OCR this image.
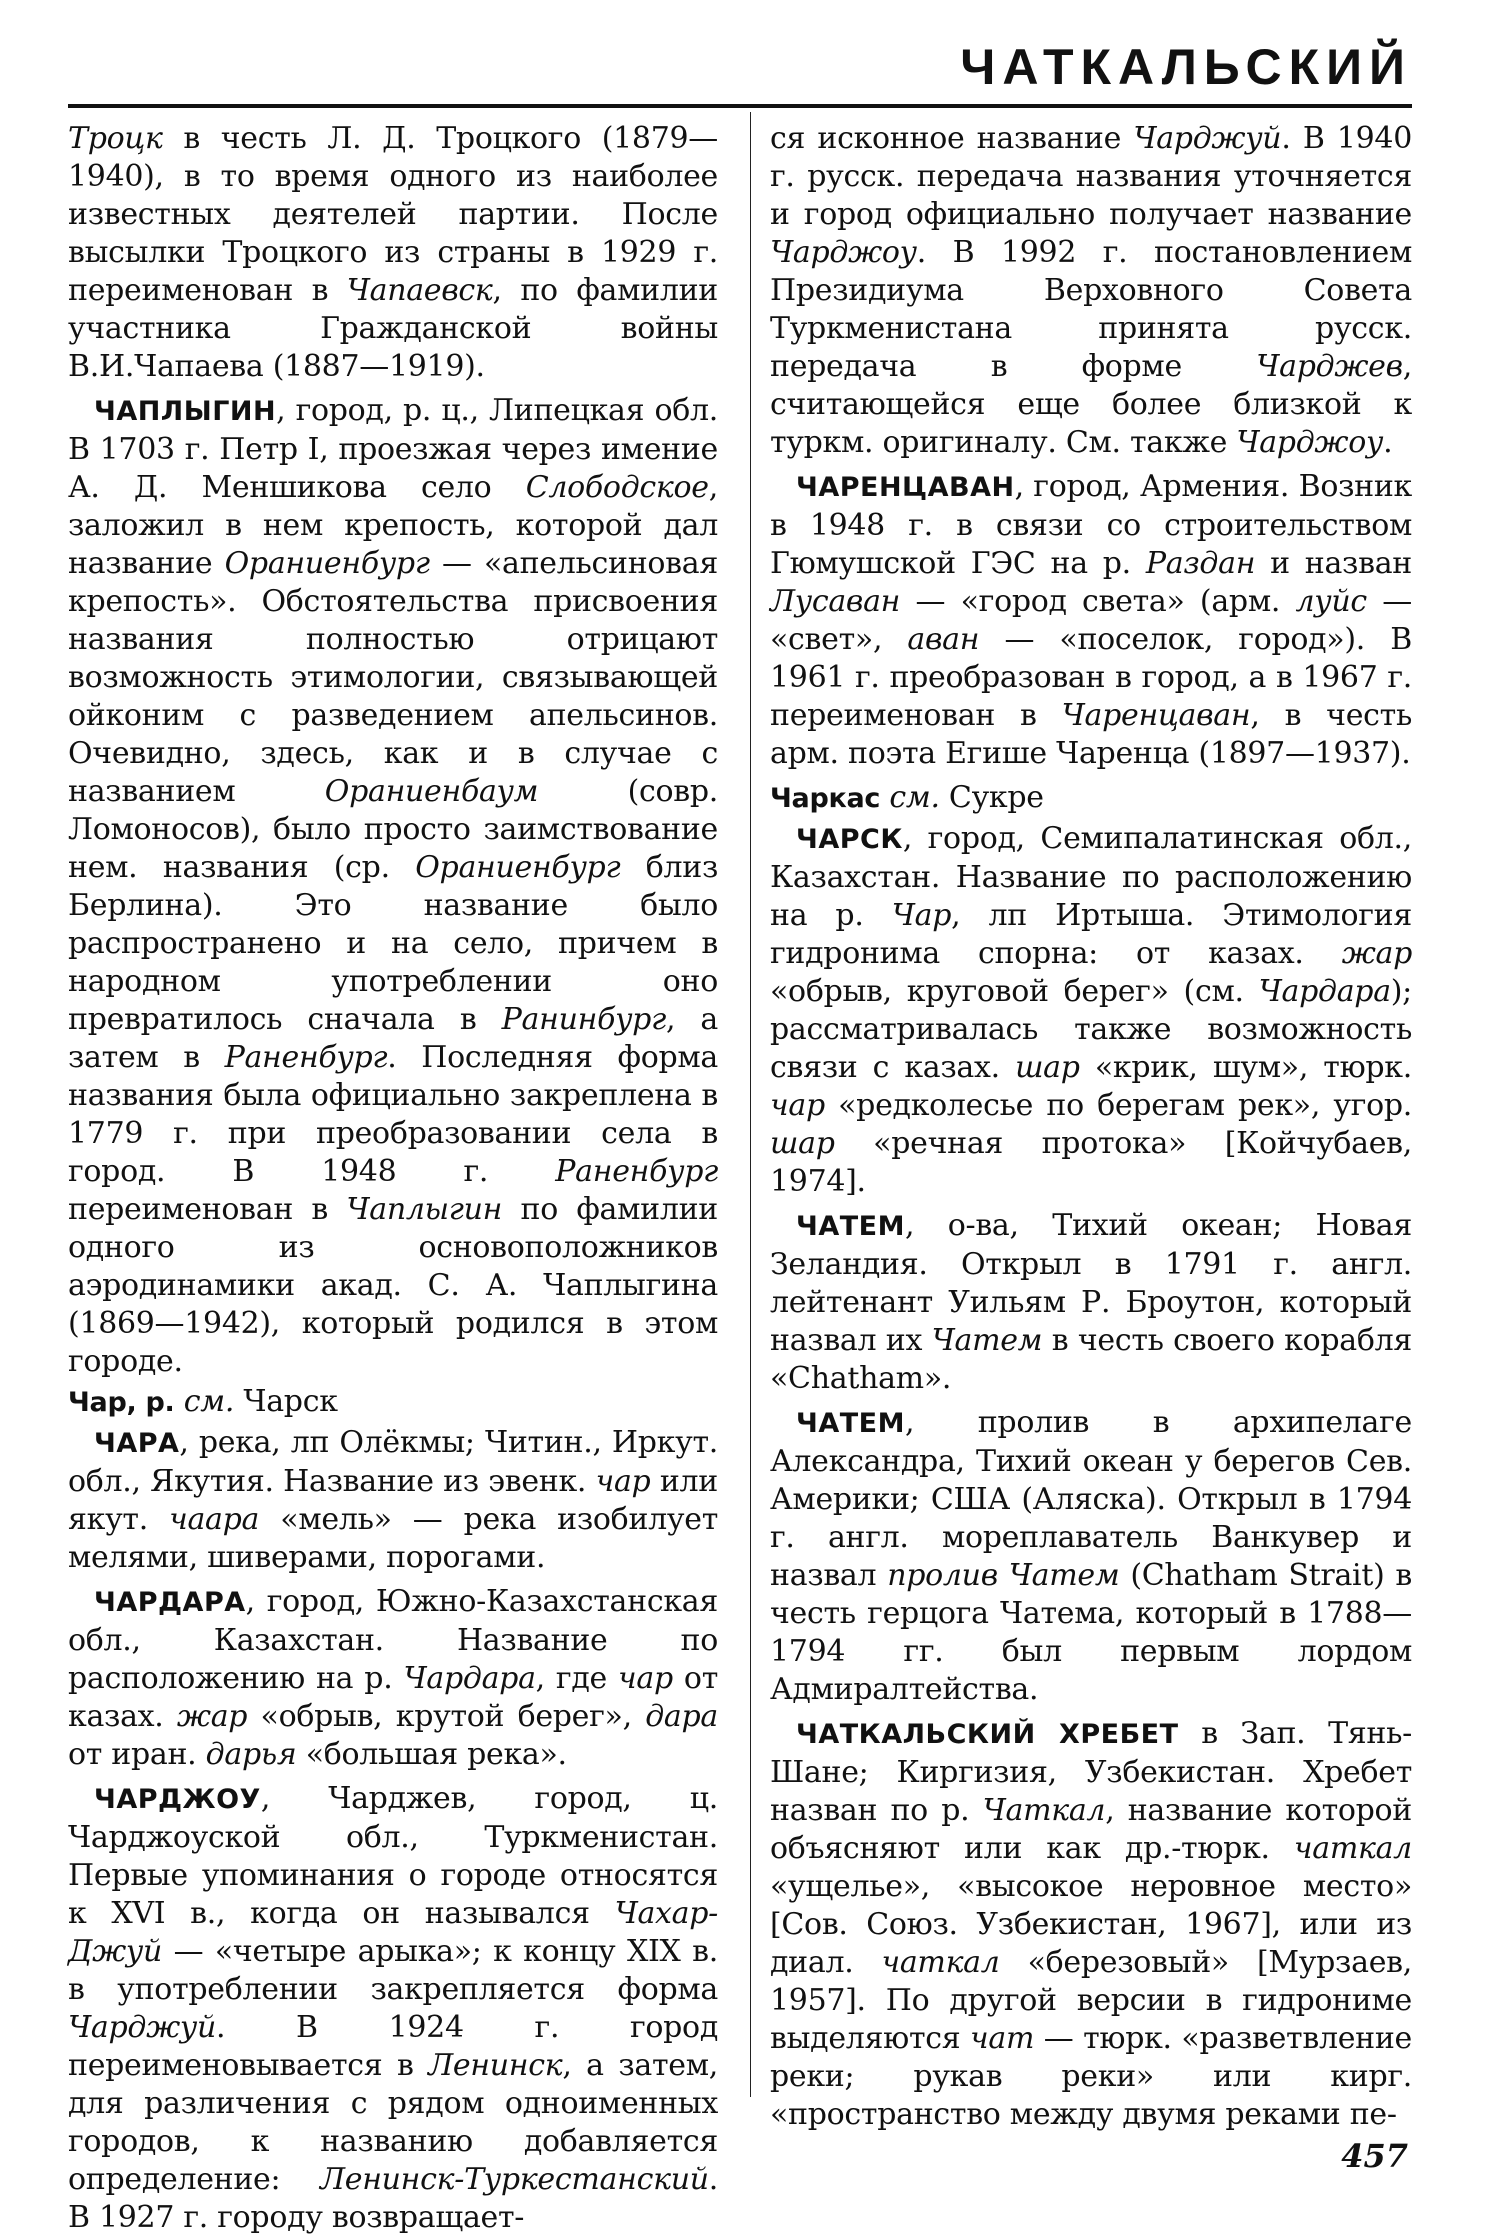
ЧАТКАЛЬСКИЙ

Троцк в честь Л. Д. Троцкого (1879—1940), в то время одного из наиболее известных деятелей партии. После высылки Троцкого из страны в 1929 г. переименован в Чапаевск, по фамилии участника Гражданской войны В.И.Чапаева (1887—1919).

ЧАПЛЫГИН, город, р. ц., Липецкая обл. В 1703 г. Петр I, проезжая через имение А. Д. Меншикова село Слободское, заложил в нем крепость, которой дал название Ораниенбург — «апельсиновая крепость». Обстоятельства присвоения названия полностью отрицают возможность этимологии, связывающей ойконим с разведением апельсинов. Очевидно, здесь, как и в случае с названием Ораниенбаум (совр. Ломоносов), было просто заимствование нем. названия (ср. Ораниенбург близ Берлина). Это название было распространено и на село, причем в народном употреблении оно превратилось сначала в Ранинбург, а затем в Раненбург. Последняя форма названия была официально закреплена в 1779 г. при преобразовании села в город. В 1948 г. Раненбург переименован в Чаплыгин по фамилии одного из основоположников аэродинамики акад. С. А. Чаплыгина (1869—1942), который родился в этом городе.

Чар, р. см. Чарск

ЧАРА, река, лп Олёкмы; Читин., Иркут. обл., Якутия. Название из эвенк. чар или якут. чаара «мель» — река изобилует мелями, шиверами, порогами.

ЧАРДАРА, город, Южно-Казахстанская обл., Казахстан. Название по расположению на р. Чардара, где чар от казах. жар «обрыв, крутой берег», дара от иран. дарья «большая река».

ЧАРДЖОУ, Чарджев, город, ц. Чарджоуской обл., Туркменистан. Первые упоминания о городе относятся к XVI в., когда он назывался Чахар-Джуй — «четыре арыка»; к концу XIX в. в употреблении закрепляется форма Чарджуй. В 1924 г. город переименовывается в Ленинск, а затем, для различения с рядом одноименных городов, к названию добавляется определение: Ленинск-Туркестанский. В 1927 г. городу возвращает-

ся исконное название Чарджуй. В 1940 г. русск. передача названия уточняется и город официально получает название Чарджоу. В 1992 г. постановлением Президиума Верховного Совета Туркменистана принята русск. передача в форме Чарджев, считающейся еще более близкой к туркм. оригиналу. См. также Чарджоу.

ЧАРЕНЦАВАН, город, Армения. Возник в 1948 г. в связи со строительством Гюмушской ГЭС на р. Раздан и назван Лусаван — «город света» (арм. луйс — «свет», аван — «поселок, город»). В 1961 г. преобразован в город, а в 1967 г. переименован в Чаренцаван, в честь арм. поэта Егише Чаренца (1897—1937).

Чаркас см. Сукре

ЧАРСК, город, Семипалатинская обл., Казахстан. Название по расположению на р. Чар, лп Иртыша. Этимология гидронима спорна: от казах. жар «обрыв, круговой берег» (см. Чардара); рассматривалась также возможность связи с казах. шар «крик, шум», тюрк. чар «редколесье по берегам рек», угор. шар «речная протока» [Койчубаев, 1974].

ЧАТЕМ, о-ва, Тихий океан; Новая Зеландия. Открыл в 1791 г. англ. лейтенант Уильям Р. Броутон, который назвал их Чатем в честь своего корабля «Chatham».

ЧАТЕМ, пролив в архипелаге Александра, Тихий океан у берегов Сев. Америки; США (Аляска). Открыл в 1794 г. англ. мореплаватель Ванкувер и назвал пролив Чатем (Chatham Strait) в честь герцога Чатема, который в 1788—1794 гг. был первым лордом Адмиралтейства.

ЧАТКАЛЬСКИЙ ХРЕБЕТ в Зап. Тянь-Шане; Киргизия, Узбекистан. Хребет назван по р. Чаткал, название которой объясняют или как др.-тюрк. чаткал «ущелье», «высокое неровное место» [Сов. Союз. Узбекистан, 1967], или из диал. чаткал «березовый» [Мурзаев, 1957]. По другой версии в гидрониме выделяются чат — тюрк. «разветвление реки; рукав реки» или кирг. «пространство между двумя реками пе-

457
